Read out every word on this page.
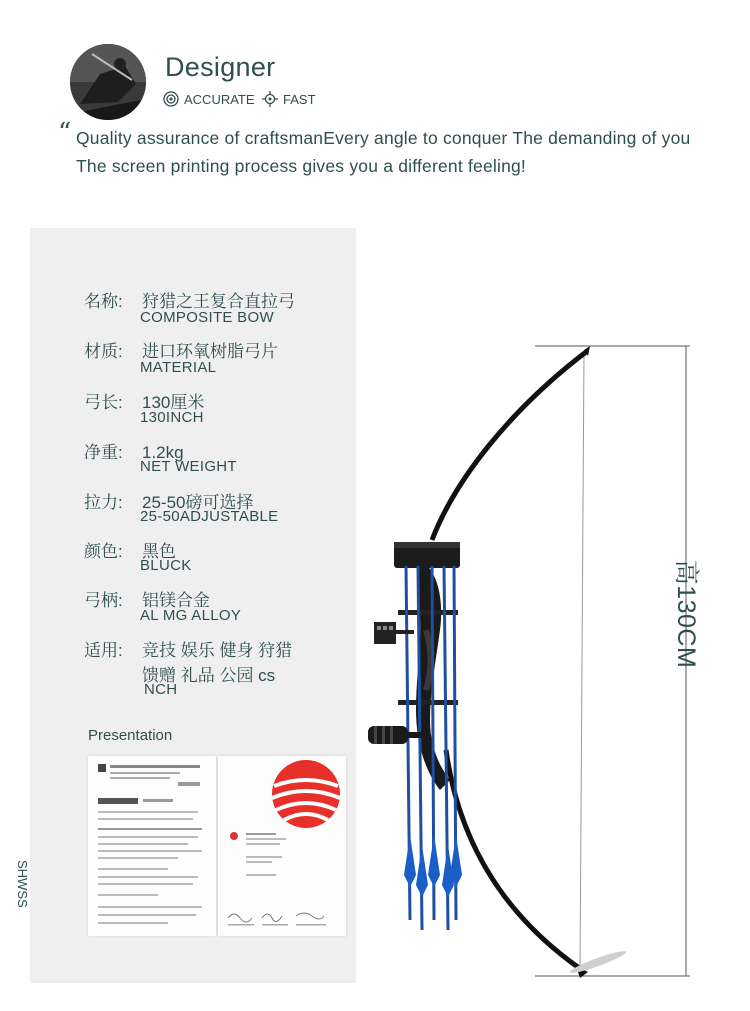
Designer
ACCURATE FAST
“ Quality assurance of craftsmanEvery angle to conquer The demanding of you
The screen printing process gives you a different feeling!
名称: 狩猎之王复合直拉弓
COMPOSITE BOW
材质: 进口环氧树脂弓片
MATERIAL
弓长: 130厘米
130INCH
净重: 1.2kg
NET WEIGHT
拉力: 25-50磅可选择
25-50ADJUSTABLE
颜色: 黑色
BLUCK
弓柄: 铝镁合金
AL MG ALLOY
适用: 竞技 娱乐 健身 狩猎
馈赠 礼品 公园 cs
NCH
Presentation
SHWSS
高130CM
